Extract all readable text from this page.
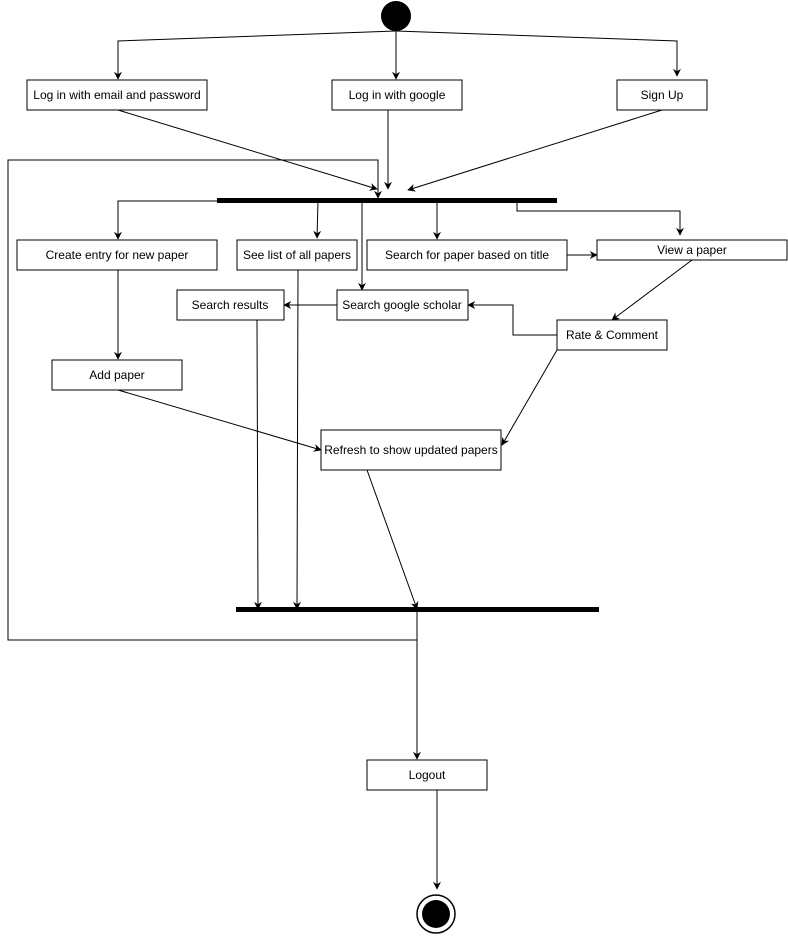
Log in with email and password	Log in with google	Sign Up
Create entry for new paper	See list of all papers	Search for paper based on title	View a paper
Search results	Search google scholar
Rate & Comment
Add paper
Refresh to show updated papers
Logout
